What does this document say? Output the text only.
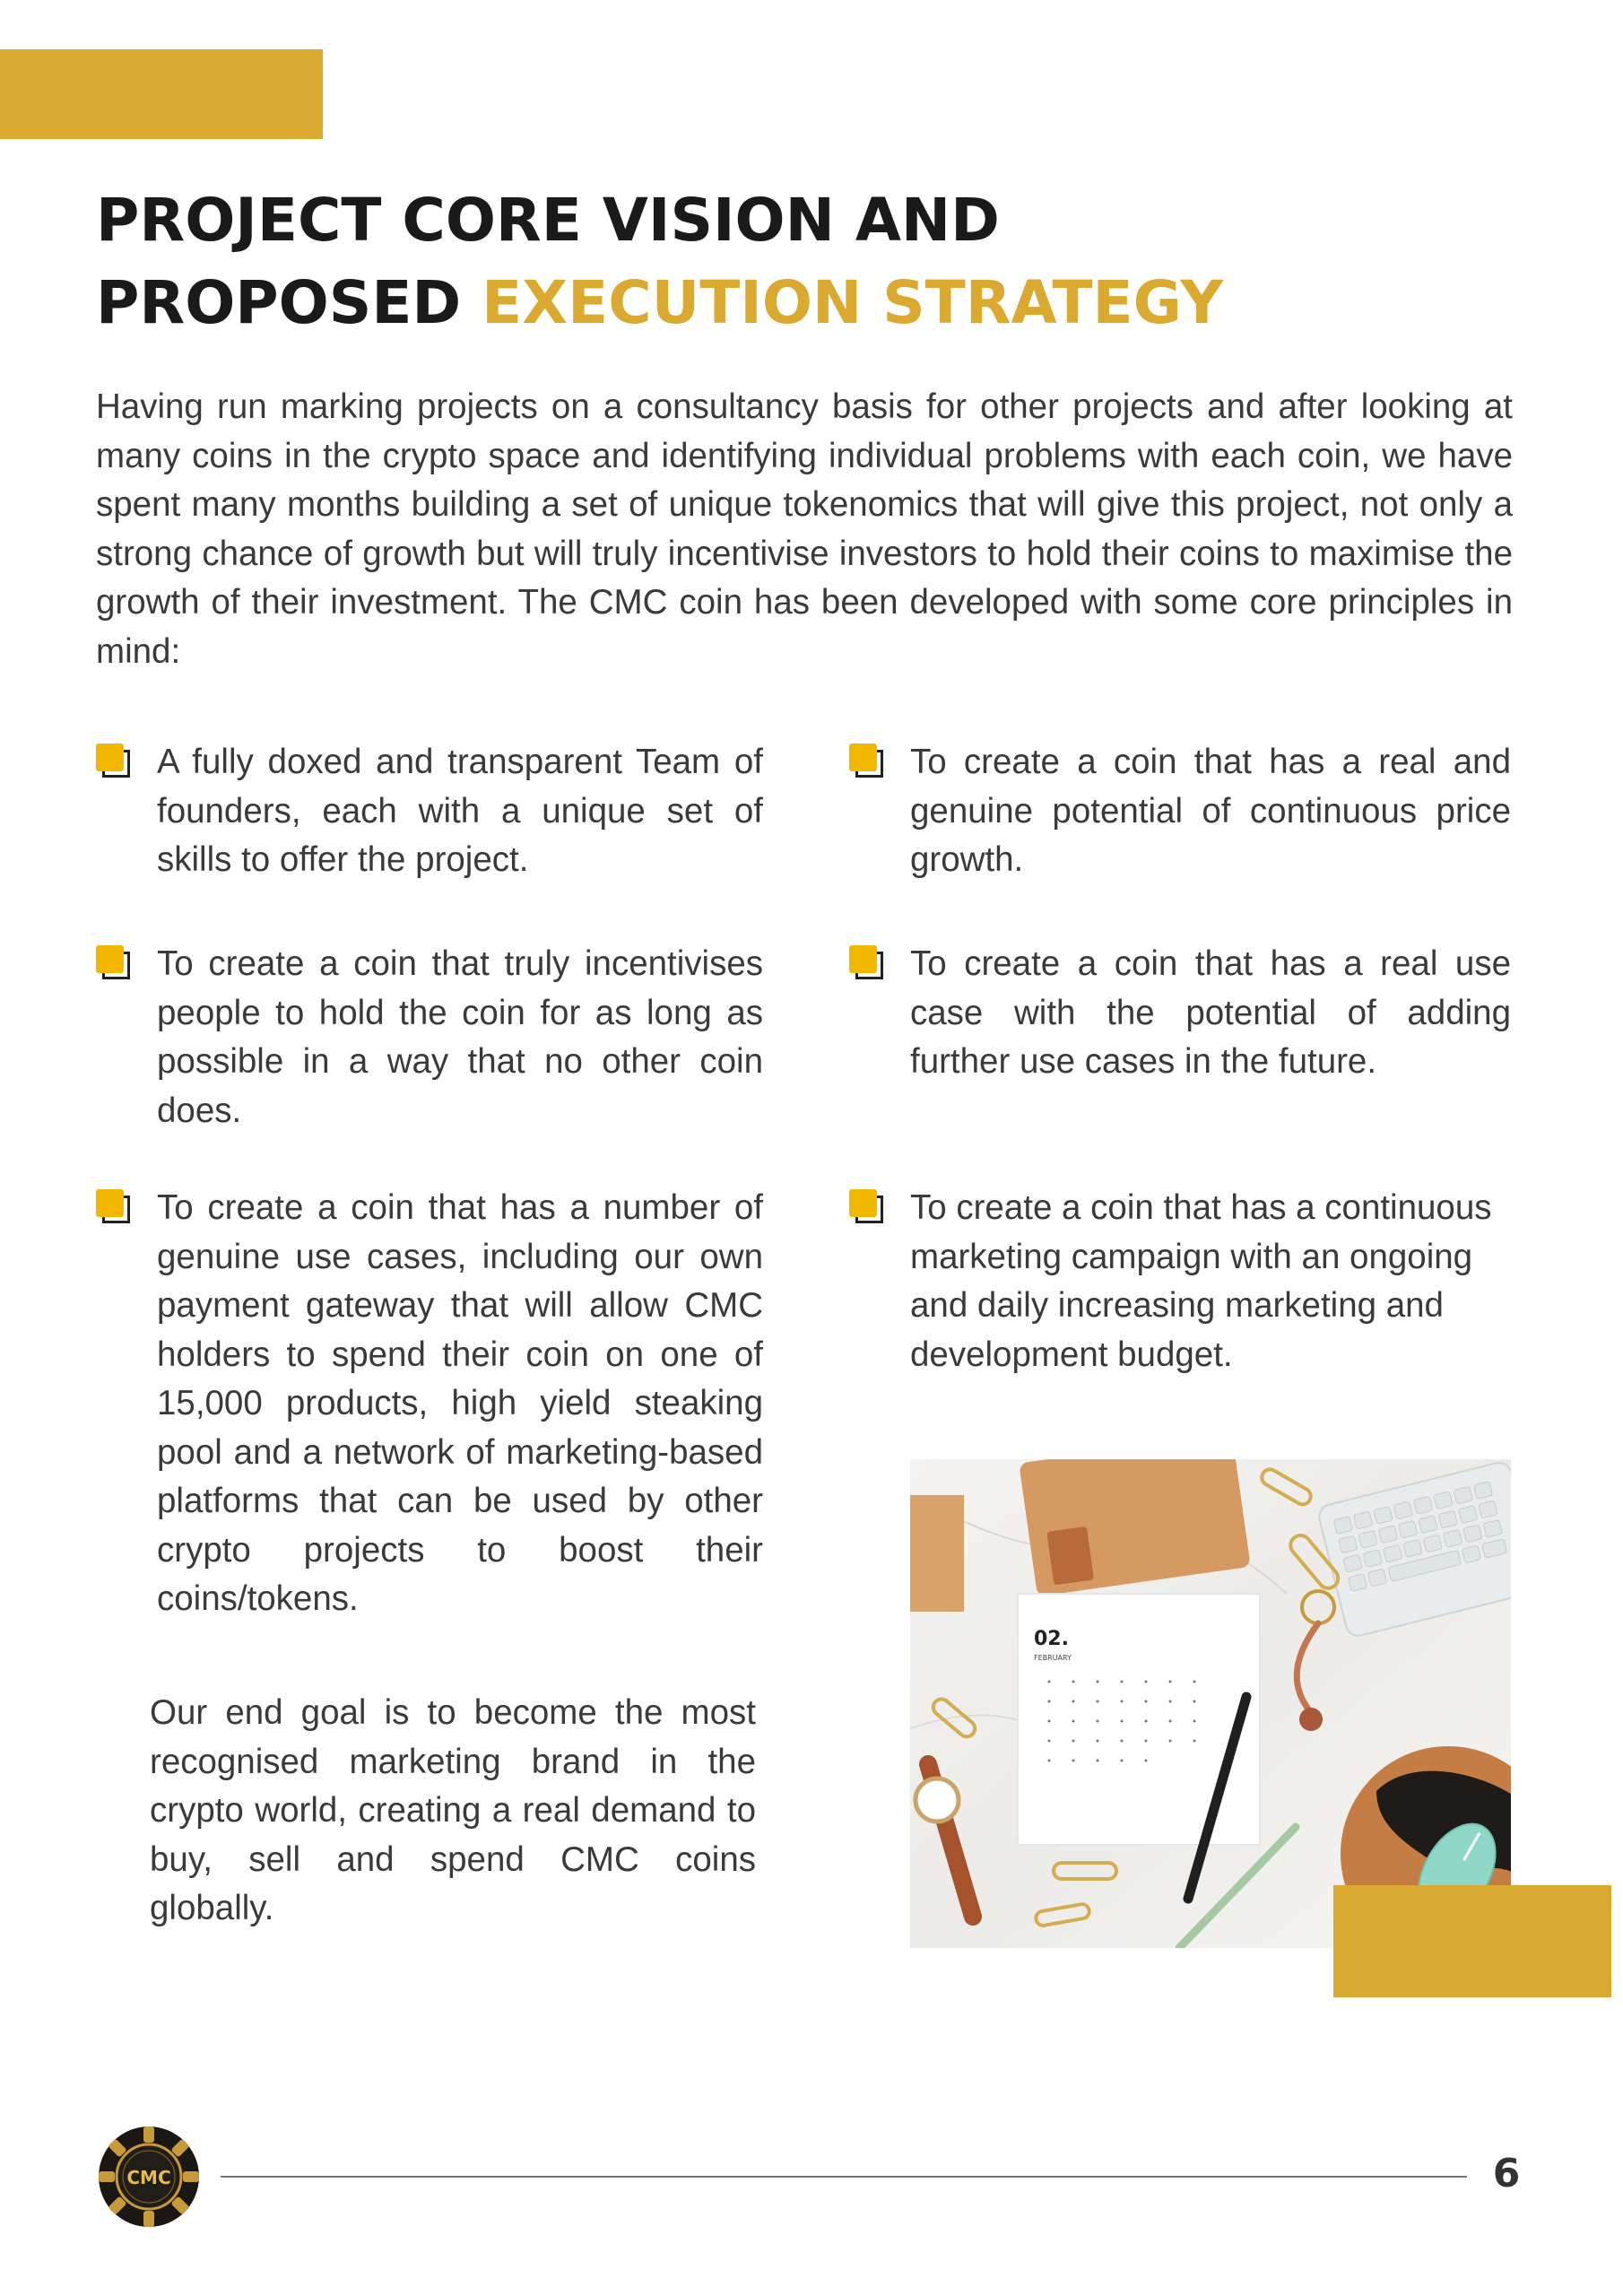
PROJECT CORE VISION AND
PROPOSED EXECUTION STRATEGY

Having run marking projects on a consultancy basis for other projects and after looking at many coins in the crypto space and identifying individual problems with each coin, we have spent many months building a set of unique tokenomics that will give this project, not only a strong chance of growth but will truly incentivise investors to hold their coins to maximise the growth of their investment. The CMC coin has been developed with some core principles in mind:

A fully doxed and transparent Team of founders, each with a unique set of skills to offer the project.

To create a coin that truly incentivises people to hold the coin for as long as possible in a way that no other coin does.

To create a coin that has a number of genuine use cases, including our own payment gateway that will allow CMC holders to spend their coin on one of 15,000 products, high yield steaking pool and a network of marketing-based platforms that can be used by other crypto projects to boost their coins/tokens.

To create a coin that has a real and genuine potential of continuous price growth.

To create a coin that has a real use case with the potential of adding further use cases in the future.

To create a coin that has a continuous marketing campaign with an ongoing and daily increasing marketing and development budget.

Our end goal is to become the most recognised marketing brand in the crypto world, creating a real demand to buy, sell and spend CMC coins globally.

02.
FEBRUARY
CMC	6
